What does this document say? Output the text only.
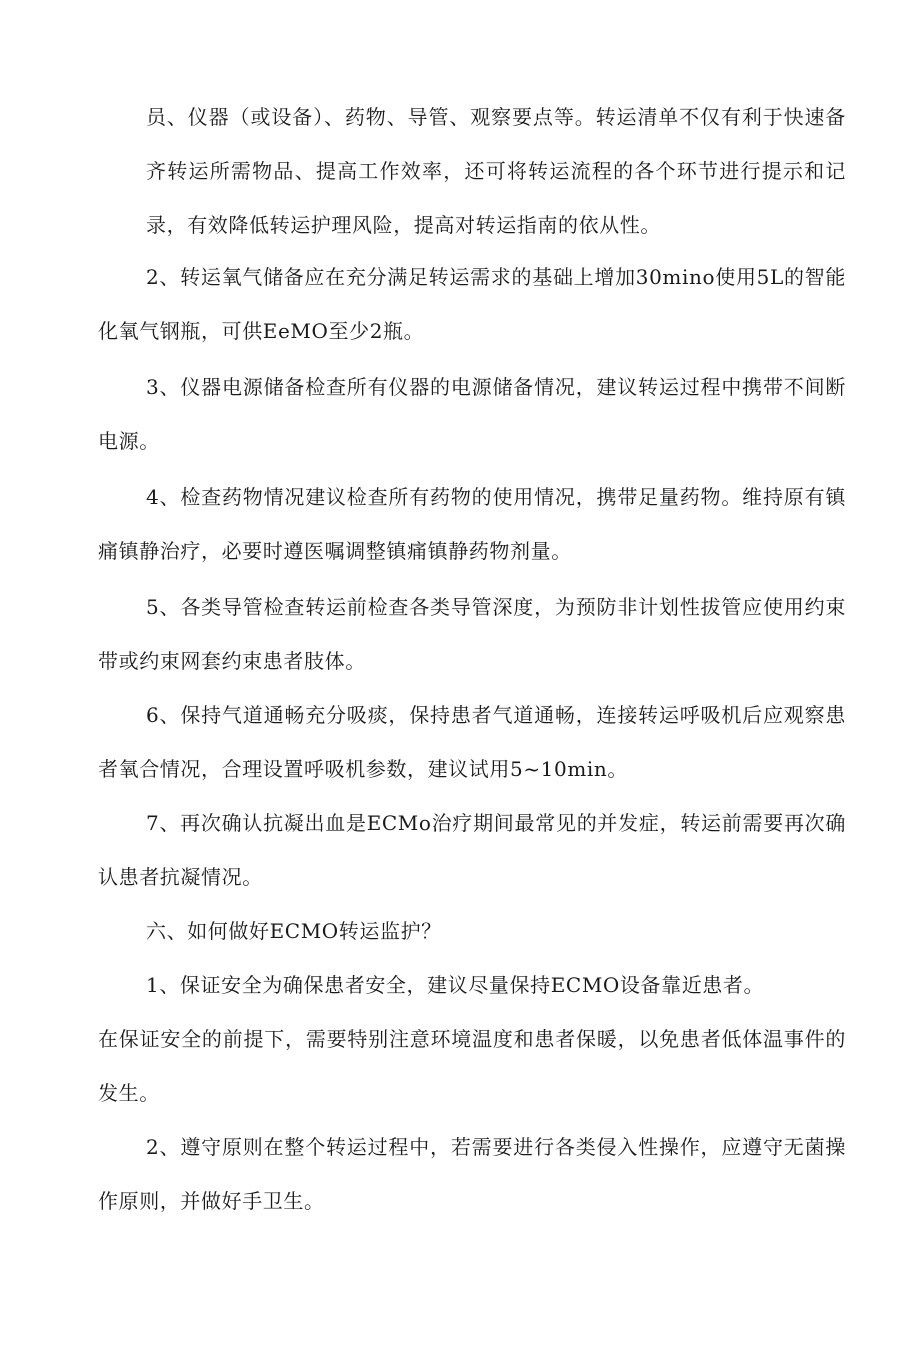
员、仪器（或设备）、药物、导管、观察要点等。转运清单不仅有利于快速备齐转运所需物品、提高工作效率，还可将转运流程的各个环节进行提示和记录，有效降低转运护理风险，提高对转运指南的依从性。

2、转运氧气储备应在充分满足转运需求的基础上增加30mino使用5L的智能化氧气钢瓶，可供EeMO至少2瓶。

3、仪器电源储备检查所有仪器的电源储备情况，建议转运过程中携带不间断电源。

4、检查药物情况建议检查所有药物的使用情况，携带足量药物。维持原有镇痛镇静治疗，必要时遵医嘱调整镇痛镇静药物剂量。

5、各类导管检查转运前检查各类导管深度，为预防非计划性拔管应使用约束带或约束网套约束患者肢体。

6、保持气道通畅充分吸痰，保持患者气道通畅，连接转运呼吸机后应观察患者氧合情况，合理设置呼吸机参数，建议试用5~10min。

7、再次确认抗凝出血是ECMo治疗期间最常见的并发症，转运前需要再次确认患者抗凝情况。

六、如何做好ECMO转运监护？

1、保证安全为确保患者安全，建议尽量保持ECMO设备靠近患者。

在保证安全的前提下，需要特别注意环境温度和患者保暖，以免患者低体温事件的发生。

2、遵守原则在整个转运过程中，若需要进行各类侵入性操作，应遵守无菌操作原则，并做好手卫生。
